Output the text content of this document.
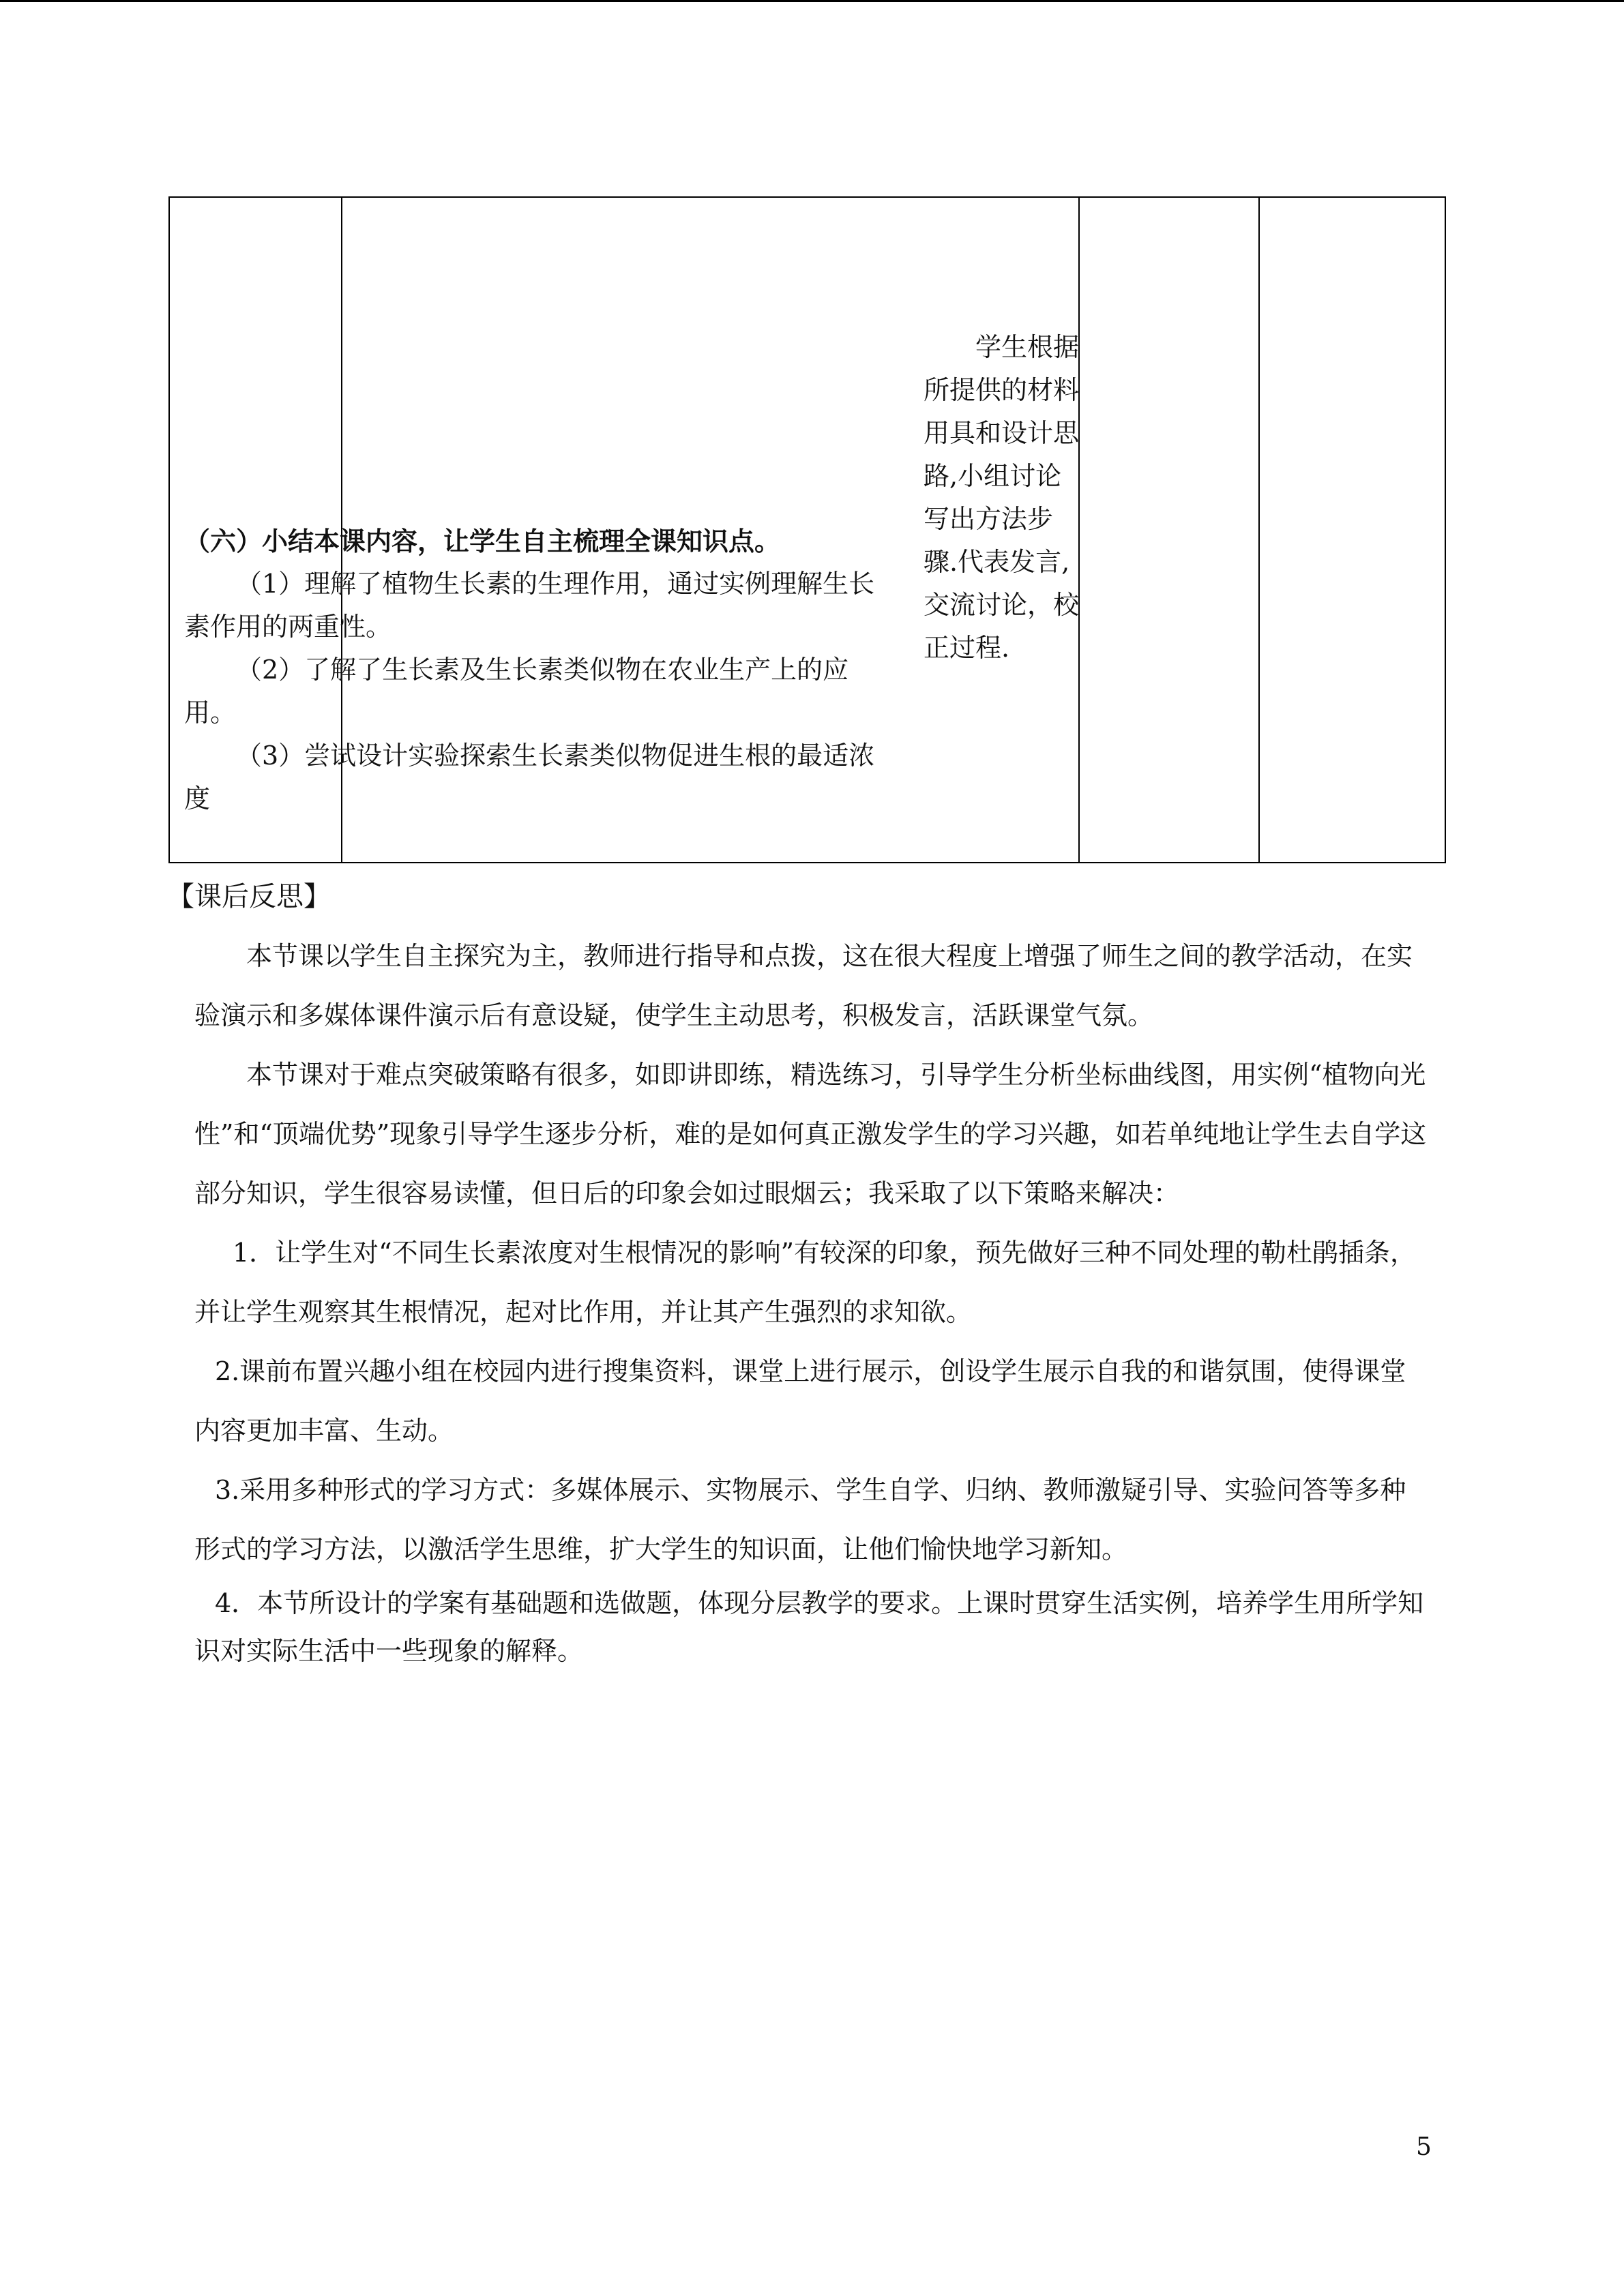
（六）小结本课内容，让学生自主梳理全课知识点。

（1）理解了植物生长素的生理作用，通过实例理解生长素作用的两重性。

（2）了解了生长素及生长素类似物在农业生产上的应用。

（3）尝试设计实验探索生长素类似物促进生根的最适浓度

学生根据所提供的材料用具和设计思路,小组讨论写出方法步骤.代表发言,交流讨论，校正过程.

【课后反思】

本节课以学生自主探究为主，教师进行指导和点拨，这在很大程度上增强了师生之间的教学活动，在实验演示和多媒体课件演示后有意设疑，使学生主动思考，积极发言，活跃课堂气氛。

本节课对于难点突破策略有很多，如即讲即练，精选练习，引导学生分析坐标曲线图，用实例“植物向光性”和“顶端优势”现象引导学生逐步分析，难的是如何真正激发学生的学习兴趣，如若单纯地让学生去自学这部分知识，学生很容易读懂，但日后的印象会如过眼烟云；我采取了以下策略来解决：

1．让学生对“不同生长素浓度对生根情况的影响”有较深的印象，预先做好三种不同处理的勒杜鹃插条，并让学生观察其生根情况，起对比作用，并让其产生强烈的求知欲。

2.课前布置兴趣小组在校园内进行搜集资料，课堂上进行展示，创设学生展示自我的和谐氛围，使得课堂内容更加丰富、生动。

3.采用多种形式的学习方式：多媒体展示、实物展示、学生自学、归纳、教师激疑引导、实验问答等多种形式的学习方法，以激活学生思维，扩大学生的知识面，让他们愉快地学习新知。

4．本节所设计的学案有基础题和选做题，体现分层教学的要求。上课时贯穿生活实例，培养学生用所学知识对实际生活中一些现象的解释。

5
